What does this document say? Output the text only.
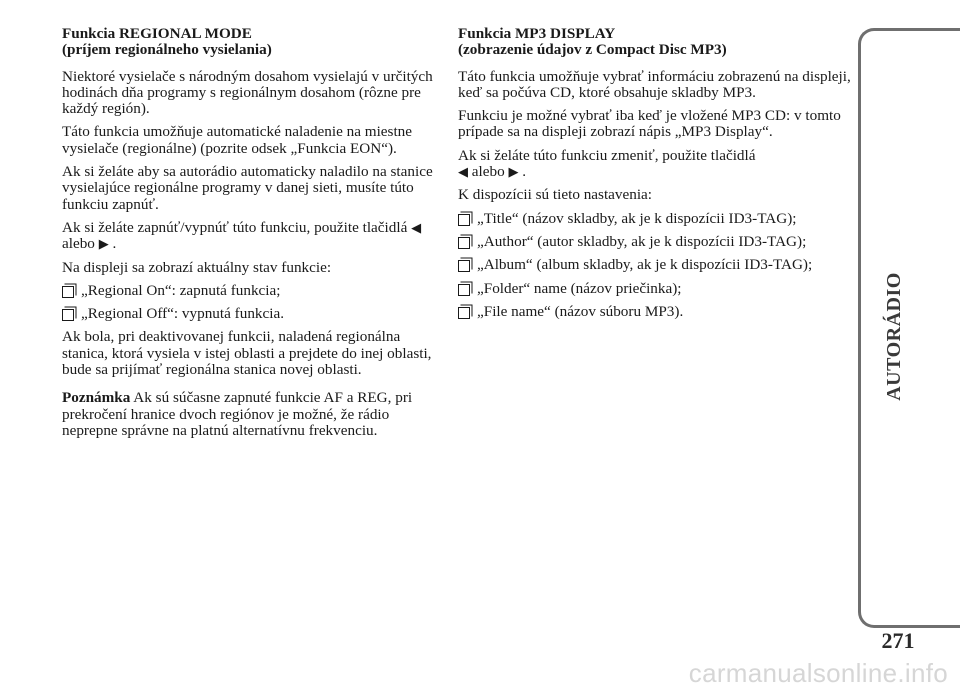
Funkcia REGIONAL MODE
(príjem regionálneho vysielania)

Niektoré vysielače s národným dosahom vysielajú v určitých hodinách dňa programy s regionálnym dosahom (rôzne pre každý región).

Táto funkcia umožňuje automatické naladenie na miestne vysielače (regionálne) (pozrite odsek „Funkcia EON“).

Ak si želáte aby sa autorádio automaticky naladilo na stanice vysielajúce regionálne programy v danej sieti, musíte túto funkciu zapnúť.

Ak si želáte zapnúť/vypnúť túto funkciu, použite tlačidlá ◀ alebo ▶ .

Na displeji sa zobrazí aktuálny stav funkcie:

„Regional On“: zapnutá funkcia;
„Regional Off“: vypnutá funkcia.

Ak bola, pri deaktivovanej funkcii, naladená regionálna stanica, ktorá vysiela v istej oblasti a prejdete do inej oblasti, bude sa prijímať regionálna stanica novej oblasti.

Poznámka Ak sú súčasne zapnuté funkcie AF a REG, pri prekročení hranice dvoch regiónov je možné, že rádio neprepne správne na platnú alternatívnu frekvenciu.

Funkcia MP3 DISPLAY
(zobrazenie údajov z Compact Disc MP3)

Táto funkcia umožňuje vybrať informáciu zobrazenú na displeji, keď sa počúva CD, ktoré obsahuje skladby MP3.

Funkciu je možné vybrať iba keď je vložené MP3 CD: v tomto prípade sa na displeji zobrazí nápis „MP3 Display“.

Ak si želáte túto funkciu zmeniť, použite tlačidlá
◀ alebo ▶ .

K dispozícii sú tieto nastavenia:

„Title“ (názov skladby, ak je k dispozícii ID3-TAG);
„Author“ (autor skladby, ak je k dispozícii ID3-TAG);
„Album“ (album skladby, ak je k dispozícii ID3-TAG);
„Folder“ name (názov priečinka);
„File name“ (názov súboru MP3).	AUTORÁDIO
271
carmanualsonline.info
